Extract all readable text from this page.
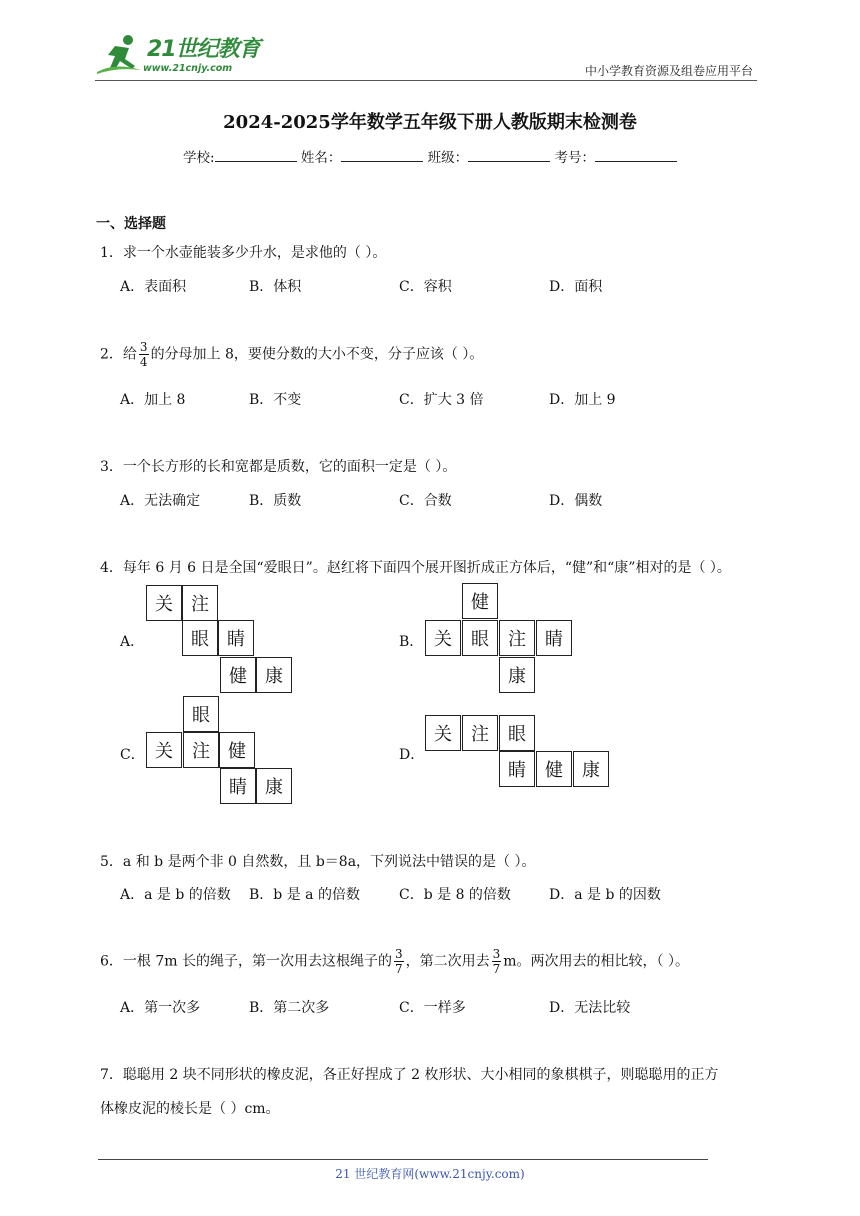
21世纪教育
www.21cnjy.com	中小学教育资源及组卷应用平台
2024-2025学年数学五年级下册人教版期末检测卷
学校:	姓名：	班级：	考号：
一、选择题
1．求一个水壶能装多少升水，是求他的（ ）。
A．表面积	B．体积	C．容积	D．面积
2．给 $\frac{3}{4}$ 的分母加上 8，要使分数的大小不变，分子应该（ ）。
A．加上 8	B．不变	C．扩大 3 倍	D．加上 9
3．一个长方形的长和宽都是质数，它的面积一定是（ ）。
A．无法确定	B．质数	C．合数	D．偶数
4．每年 6 月 6 日是全国“爱眼日”。赵红将下面四个展开图折成正方体后，“健”和“康”相对的是（ ）。
A．
关	注
眼	睛
健	康
B．
健
关	眼	注	睛
康
C．
眼
关	注	健
睛	康
D．
关	注	眼
睛	健	康
5．a 和 b 是两个非 0 自然数，且 b＝8a，下列说法中错误的是（ ）。
A．a 是 b 的倍数 B．b 是 a 的倍数	C．b 是 8 的倍数	D．a 是 b 的因数
6．一根 7m 长的绳子，第一次用去这根绳子的 $\frac{3}{7}$ ，第二次用去 $\frac{3}{7}$ m。两次用去的相比较，（ ）。
A．第一次多	B．第二次多	C．一样多	D．无法比较
7．聪聪用 2 块不同形状的橡皮泥，各正好捏成了 2 枚形状、大小相同的象棋棋子，则聪聪用的正方
体橡皮泥的棱长是（ ）cm。
21 世纪教育网(www.21cnjy.com)
